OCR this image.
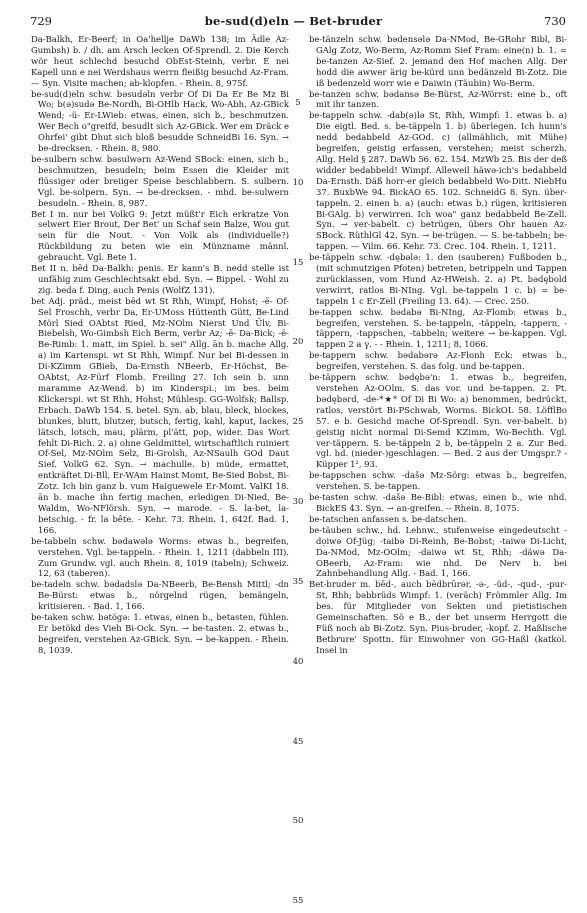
729	be-sud(d)eln — Bet-bruder	730

Da-Balkh, Er-Beerf; in Oa'hellje DaWb 138; im Ädle Az-Gumbsh) b. / dh. am Arsch lecken Of-Sprendl. 2. Die Kerch wör heut schlechd besuchd ObEst-Steinh, verbr. E nei Kapell unn e nei Werdshaus werrn fleißig besuchd Az-Fram. — Syn. Visite machen; ab-klopfen. - Rhein. 8, 975f.

be-sud(d)eln schw. bəsudəln verbr Of Di Da Er Be Mz Bi Wo; b(ə)sudə Be-Nordh, Bi-OHlb Hack, Wo-Abh, Az-GBick Wend; -ü- Er-LWieb: etwas, einen, sich b., beschmutzen. Wer Bech o"greifd, besudlt sich Az-GBick. Wer em Dräck e Ohrfei' gibt Dhut sich bloß besudde SchneidBi 16. Syn. → be-drecksen. - Rhein. 8, 980.

be-sulbern schw. bəsulwərn Az-Wend SBock: einen, sich b., beschmutzen, besudeln; beim Essen die Kleider mit flüssiger oder breiiger Speise beschlabbern. S. sulbern. Vgl. be-solpern. Syn. → be-drecksen. - mhd. be-sulwern besudeln. - Rhein. 8, 987.

Bet I m. nur bei VolkG 9: Jetzt müßt'r Eich erkratze Von selwert Eier Brout, Der Bet' un Schaf sein Balze, Wou gut sein für die Nout. - Von Volk als (individuelle?) Rückbildung zu beten wie ein Münzname männl. gebraucht. Vgl. Bete 1.

Bet II n. bēd Da-Balkh: penis. Er kann's B. nedd stelle ist unfähig zum Geschlechtsakt ebd. Syn. → Bippel. - Wohl zu zig. beda f. Ding, auch Penis (WolfZ 131).

bet Adj. präd., meist bēd wt St Rhh, Wimpf, Hohst; -ē- Of-Sel Froschh, verbr Da, Er-UMoss Hüttenth Gütt, Be-Lind Mörl Sied OAbtst Ried, Mz-NOlm Nierst Und Ülv, Bi-Biebelsh, Wo-Gimbsh Eich Berm, verbr Az; -ē- Da-Bick; -ē- Be-Rimb: 1. matt, im Spiel. b. sei" Allg. ān b. mache Allg. a) im Kartenspi. wt St Rhh, Wimpf. Nur bei Bi-dessen in Di-KZimm GBieb, Da-Ernsth NBeerb, Er-Höchst, Be-OAbtst, Az-Fürf Flomb. Freiling 27. Ich sein b. unn maramme Az-Wend. b) im Kinderspi.; im bes. beim Klickerspi. wt St Rhh, Hohst; Mühlesp. GG-Wolfsk; Ballsp. Erbach. DaWb 154. S. betel. Syn. ab, blau, bleck, blockes, blunkes, blutt, blutzer, butsch, fertig, kahl, kaput, lackes, lätsch, lotsch, mau, plärm, pl'ätt, pop, wider. Das Wort fehlt Di-Rich. 2. a) ohne Geldmittel, wirtschaftlich ruiniert Of-Sel, Mz-NOlm Selz, Bi-Grolsh, Az-NSaulh GOd Daut Sief. VolkG 62. Syn. → machulle. b) müde, ermattet, entkräftet Di-Bll, Er-WAm Hainst Momt, Be-Sied Bobst, Bi-Zotz. Ich bin ganz b. vum Haiguewele Er-Momt. ValKI 18. ān b. mache ihn fertig machen, erledigen Di-Nied, Be-Waldm, Wo-NFlörsh. Syn. → marode. - S. la-bet, la-betschig. - fr. la bête. - Kehr. 73. Rhein. 1, 642f. Bad. 1, 166.

be-tabbeln schw. bədawələ Worms: etwas b., begreifen, verstehen. Vgl. be-tappeln. - Rhein. 1, 1211 (dabbeln III). Zum Grundw. vgl. auch Rhein. 8, 1019 (tabeln); Schweiz. 12, 63 (taberen).

be-tadeln schw. bədadslə Da-NBeerb, Be-Bensh Mittl; -dn Be-Bürst: etwas b., nörgelnd rügen, bemängeln, kritisieren. - Bad. 1, 166.

be-taken schw. bətögə: 1. etwas, einen b., betasten, fühlen. Er betökd des Vieh Bi-Ock. Syn. → be-tasten. 2. etwas b., begreifen, verstehen Az-GBick. Syn. → be-kappen. - Rhein. 8, 1039.

5
10
15
20
25
30
35
40
45
50
55

be-tänzeln schw. bədensələ Da-NMod, Be-GRohr Bibl, Bi-GAlg Zotz, Wo-Berm, Az-Romm Sief Fram: eine(n) b. 1. = be-tanzen Az-Sief. 2. jemand den Hof machen Allg. Der hodd die awwer ärig be-kürd unn bedänzeld Bi-Zotz. Die iß bedenzeld worr wie e Daiwin (Täubin) Wo-Berm.

be-tanzen schw. bədansə Be-Bürst, Az-Wörrst: eine b., oft mit ihr tanzen.

be-tappeln schw. -dab(ə)lə St, Rhh, Wimpf: 1. etwas b. a) Die eigtl. Bed. s. be-täppeln 1. b) überlegen. Ich hunn's nedd bedabbeld Az-GOd. c) (allmählich, mit Mühe) begreifen, geistig erfassen, verstehen; meist scherzh. Allg. Held § 287. DaWb 56. 62. 154. MzWb 25. Bis der deß widder bedabbeld! Wimpf. Alleweil häwə-ich's bedabbeld Da-Ernsth. Däß horr-er gleich bedabbeld Wo-Ditt. NiebHu 37. BuxbWe 94. BickAO 65. 102. SchneidG 8. Syn. über-tappeln. 2. einen b. a) (auch: etwas b.) rügen, kritisieren Bi-GAlg. b) verwirren. Ich woa" ganz bedabbeld Be-Zell. Syn. → ver-babelt. c) betrügen, übers Ohr hauen Az-SBock. RüthlGl 42. Syn. → be-trügen. — S. be-tabbeln; be-tappen. — Vilm. 66. Kehr. 73. Crec. 104. Rhein. 1, 1211.

be-täppeln schw. -dębələ: 1. den (sauberen) Fußboden b., (mit schmutzigen Pfoten) betreten, betrippeln und Tappen zurücklassen, vom Hund Az-HWeish. 2. a) Pt. bədębold verwirrt, ratlos Bi-NIng. Vgl. be-tappeln 1 c. b) = be-tappeln 1 c Er-Zell (Freiling 13. 64). — Crec. 250.

be-tappen schw. bədabə Bi-NIng, Az-Flomb: etwas b., begreifen, verstehen. S. be-tappeln, -täppeln, -tappern, -täppern, -tappschen, -tabbeln; weitere → be-kappen. Vgl. tappen 2 a γ. - - Rhein. 1, 1211; 8, 1066.

be-tappern schw. bədabərə Az-Flonh Eck: etwas b., begreifen, verstehen. S. das folg. und be-tappen.

be-täppern schw. bədębə'n: 1. etwas b., begreifen, verstehen Az-OOlm. S. das vor. und be-tappen. 2. Pt. bədębərd, -de-*★* Of Di Bi Wo: a) benommen, bedrückt, ratlos, verstört Bi-PSchwab, Worms. BickOL 58. LöfflBo 57. e b. Gesichd mache Of-Sprendl. Syn. ver-babelt. b) geistig nicht normal Di-Semd KZimm, Wo-Bechth. Vgl. ver-täppern. S. be-täppeln 2 b, be-täppeln 2 a. Zur Bed. vgl. hd. (nieder-)geschlagen. — Bed. 2 aus der Umgspr.? - Küpper 1², 93.

be-tappschen schw. -dašə Mz-Sörg: etwas b., begreifen, verstehen. S. be-tappen.

be-tasten schw. -dašə Be-Bibl: etwas, einen b., wie nhd. BickES 43. Syn. → an-greifen. -- Rhein. 8, 1075.

be-tatschen anfassen s. be-datschen.

be-täuben schw., hd. Lehnw., stufenweise eingedeutscht -dọiwə Of-Jüg; -taibə Di-Reinh, Be-Bobst; -taiwə Di-Licht, Da-NMod, Mz-OOlm; -daiwə wt St, Rhh; -däwə Da-OBeerb, Az-Fram: wie nhd. De Nerv b. bei Zahnbehandlung Allg. - Bad. 1, 166.

Bet-bruder m. bēd-, auch bēdbrūrər, -ə-, -üd-, -qud-, -pur- St, Rhh; bəbbrüds Wimpf: 1. (veräch) Frömmler Allg. Im bes. für Mitglieder von Sekten und pietistischen Gemeinschaften. Sö e B., der bet unserm Herrgott die Füß noch ab Bi-Zotz. Syn. Pius-bruder, -kopf. 2. Haßlische Betbrure' Spottn. für Einwohner von GG-Haßl (katkol. Insel in
